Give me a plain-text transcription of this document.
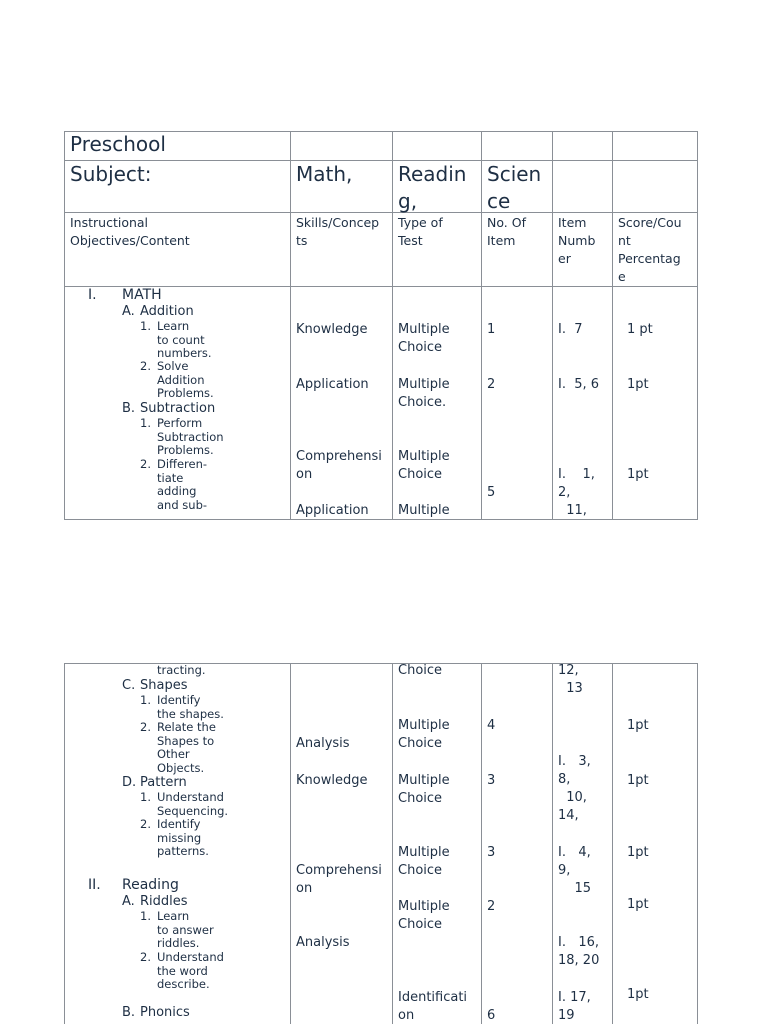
Preschool
Subject:	Math, Readin
g,
Scien
ce
Instructional
Objectives/Content
Skills/Concep
ts
Type of
Test
No. Of
Item
Item
Numb
er
Score/Cou
nt
Percentag
e
I. MATH
A. Addition
1. Learn
to count
numbers.
2. Solve
Addition
Problems.
B. Subtraction
1. Perform
Subtraction
Problems.
2. Differen-
tiate
adding
and sub-
Knowledge
Application
Comprehensi
on
Application
Multiple
Choice
Multiple
Choice.
Multiple
Choice
Multiple
1
2
5
I.  7
I.  5, 6
I.    1,
2,
11,
1 pt
1pt
1pt
tracting.
C. Shapes
1. Identify
the shapes.
2. Relate the
Shapes to
Other
Objects.
D. Pattern
1. Understand
Sequencing.
2. Identify
missing
patterns.
II. Reading
A. Riddles
1. Learn
to answer
riddles.
2. Understand
the word
describe.
B. Phonics
Analysis
Knowledge
Comprehensi
on
Analysis
Choice
Multiple
Choice
Multiple
Choice
Multiple
Choice
Multiple
Choice
Identificati
on
4
3
3
2
6
12,
13
I.   3,
8,
10,
14,
I.   4,
9,
15
I.   16,
18, 20
I. 17,
19
1pt
1pt
1pt
1pt
1pt
